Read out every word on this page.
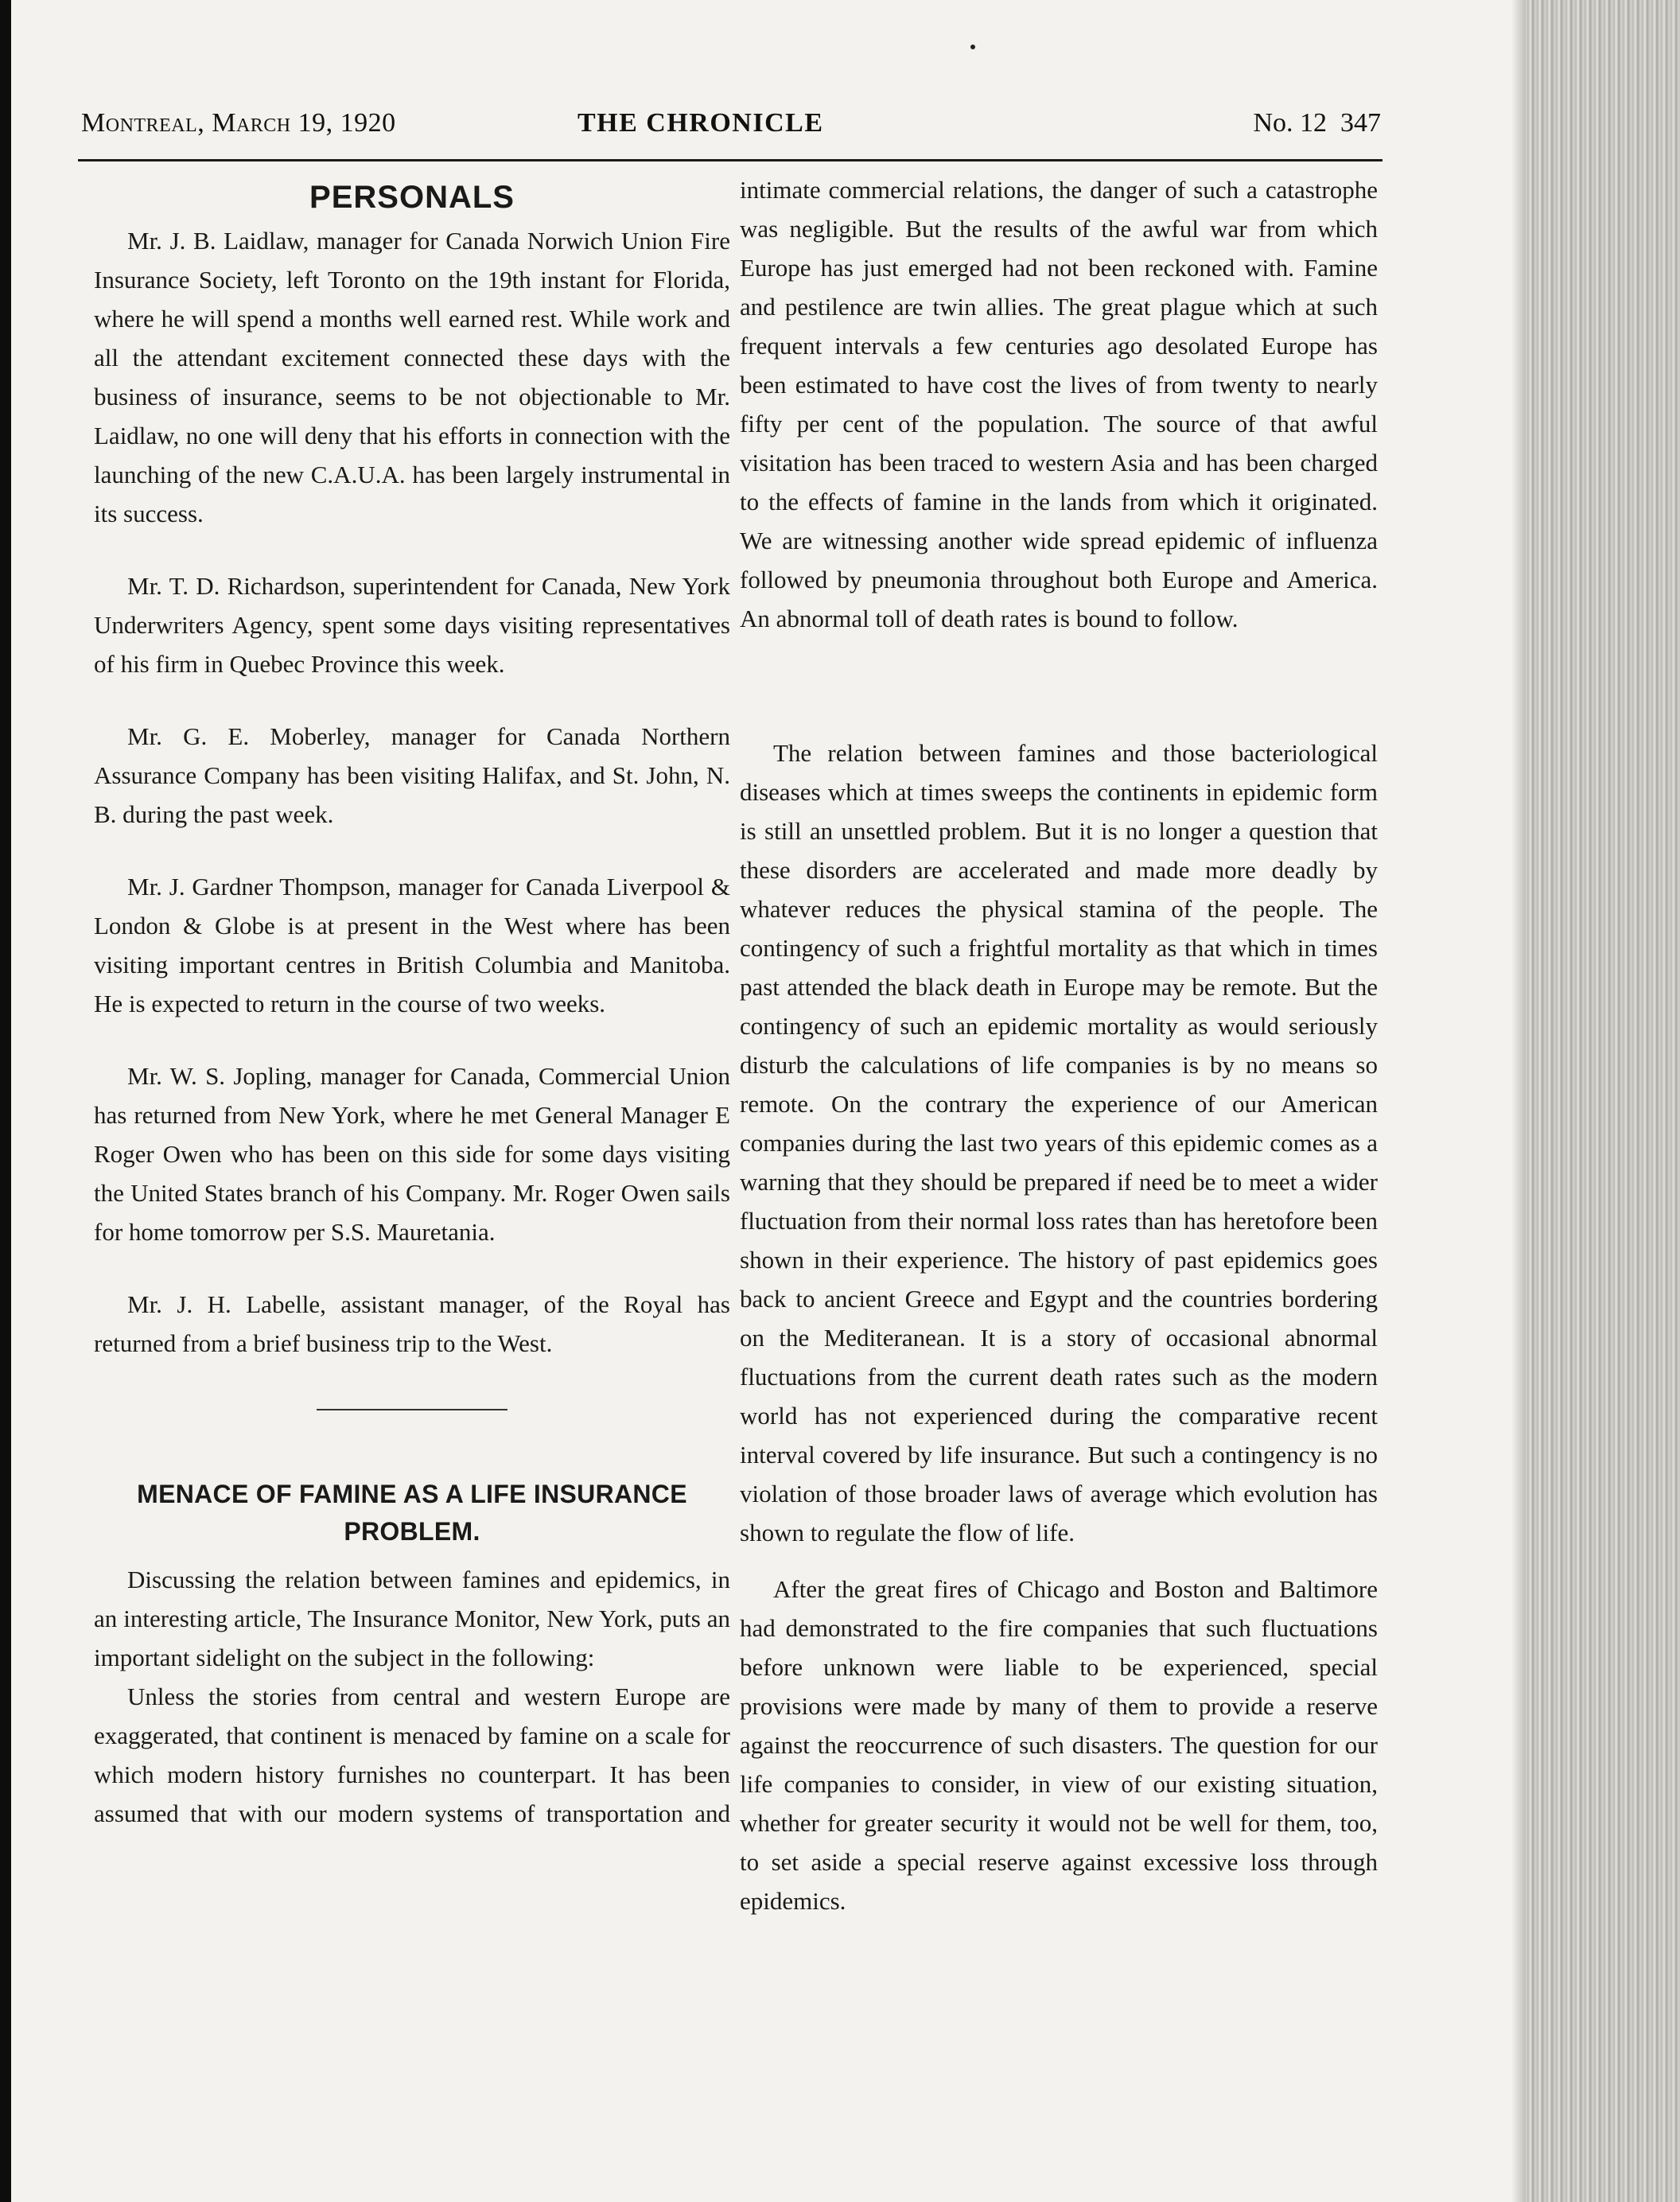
Montreal, March 19, 1920	THE CHRONICLE	No. 12 347
PERSONALS

Mr. J. B. Laidlaw, manager for Canada Norwich Union Fire Insurance Society, left Toronto on the 19th instant for Florida, where he will spend a months well earned rest. While work and all the attendant excitement connected these days with the business of insurance, seems to be not objectionable to Mr. Laidlaw, no one will deny that his efforts in connection with the launching of the new C.A.U.A. has been largely instrumental in its success.

Mr. T. D. Richardson, superintendent for Canada, New York Underwriters Agency, spent some days visiting representatives of his firm in Quebec Province this week.

Mr. G. E. Moberley, manager for Canada Northern Assurance Company has been visiting Halifax, and St. John, N. B. during the past week.

Mr. J. Gardner Thompson, manager for Canada Liverpool & London & Globe is at present in the West where has been visiting important centres in British Columbia and Manitoba. He is expected to return in the course of two weeks.

Mr. W. S. Jopling, manager for Canada, Commercial Union has returned from New York, where he met General Manager E Roger Owen who has been on this side for some days visiting the United States branch of his Company. Mr. Roger Owen sails for home tomorrow per S.S. Mauretania.

Mr. J. H. Labelle, assistant manager, of the Royal has returned from a brief business trip to the West.

MENACE OF FAMINE AS A LIFE INSURANCE
PROBLEM.

Discussing the relation between famines and epidemics, in an interesting article, The Insurance Monitor, New York, puts an important sidelight on the subject in the following:

Unless the stories from central and western Europe are exaggerated, that continent is menaced by famine on a scale for which modern history furnishes no counterpart. It has been assumed that with our modern systems of transportation and

intimate commercial relations, the danger of such a catastrophe was negligible. But the results of the awful war from which Europe has just emerged had not been reckoned with. Famine and pestilence are twin allies. The great plague which at such frequent intervals a few centuries ago desolated Europe has been estimated to have cost the lives of from twenty to nearly fifty per cent of the population. The source of that awful visitation has been traced to western Asia and has been charged to the effects of famine in the lands from which it originated. We are witnessing another wide spread epidemic of influenza followed by pneumonia throughout both Europe and America. An abnormal toll of death rates is bound to follow.

The relation between famines and those bacteriological diseases which at times sweeps the continents in epidemic form is still an unsettled problem. But it is no longer a question that these disorders are accelerated and made more deadly by whatever reduces the physical stamina of the people. The contingency of such a frightful mortality as that which in times past attended the black death in Europe may be remote. But the contingency of such an epidemic mortality as would seriously disturb the calculations of life companies is by no means so remote. On the contrary the experience of our American companies during the last two years of this epidemic comes as a warning that they should be prepared if need be to meet a wider fluctuation from their normal loss rates than has heretofore been shown in their experience. The history of past epidemics goes back to ancient Greece and Egypt and the countries bordering on the Mediteranean. It is a story of occasional abnormal fluctuations from the current death rates such as the modern world has not experienced during the comparative recent interval covered by life insurance. But such a contingency is no violation of those broader laws of average which evolution has shown to regulate the flow of life.

After the great fires of Chicago and Boston and Baltimore had demonstrated to the fire companies that such fluctuations before unknown were liable to be experienced, special provisions were made by many of them to provide a reserve against the reoccurrence of such disasters. The question for our life companies to consider, in view of our existing situation, whether for greater security it would not be well for them, too, to set aside a special reserve against excessive loss through epidemics.
